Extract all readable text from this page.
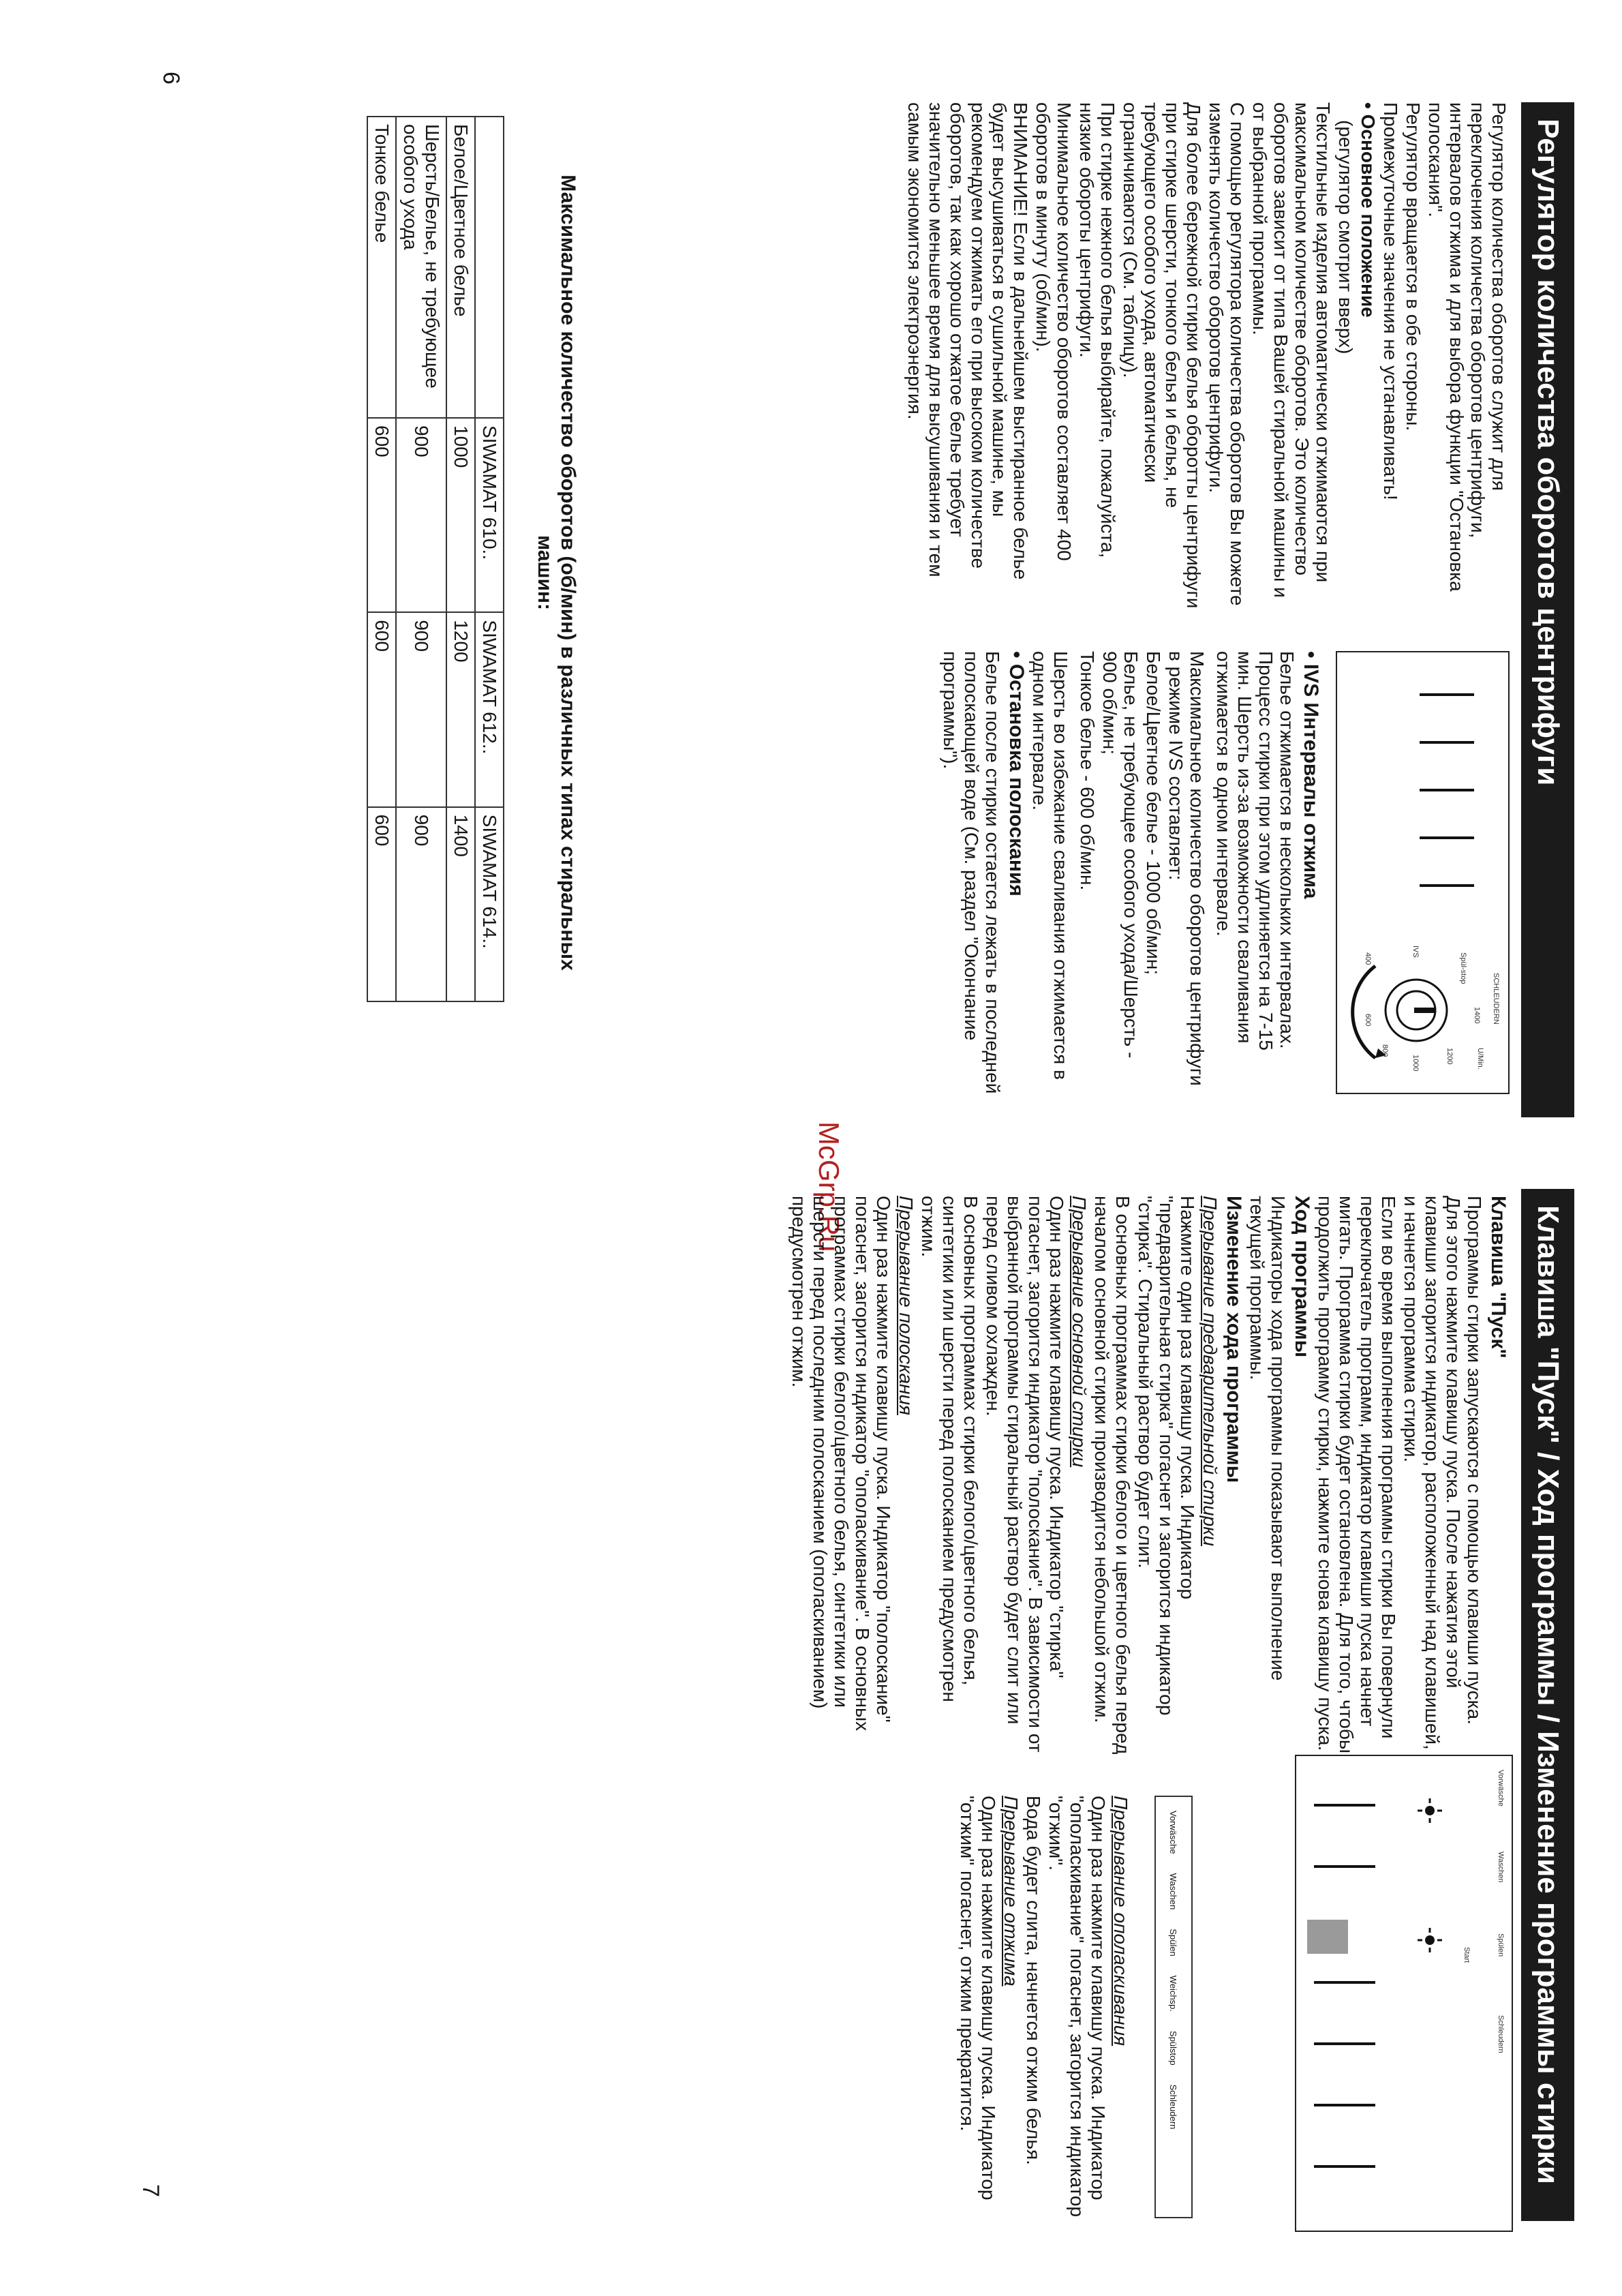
Регулятор количества оборотов центрифуги

Регулятор количества оборотов служит для переключения количества оборотов центрифуги, интервалов отжима и для выбора функции "Остановка полоскания".

Регулятор вращается в обе стороны.

Промежуточные значения не устанавливать!

• Основное положение

(регулятор смотрит вверх)

Текстильные изделия автоматически отжимаются при максимальном количестве оборотов. Это количество оборотов зависит от типа Вашей стиральной машины и от выбранной программы.

С помощью регулятора количества оборотов Вы можете изменять количество оборотов центрифуги.

Для более бережной стирки белья оборотты центрифуги при стирке шерсти, тонкого белья и белья, не требующего особого ухода, автоматически ограничиваются (См. таблицу).

При стирке нежного белья выбирайте, пожалуйста, низкие обороты центрифуги.

Минимальное количество оборотов составляет 400 оборотов в минуту (об/мин).

ВНИМАНИЕ! Если в дальнейшем выстиранное белье будет высушиваться в сушильной машине, мы рекомендуем отжимать его при высоком количестве оборотов, так как хорошо отжатое белье требует значительно меньшее время для высушивания и тем самым экономится электроэнергия.

SCHLEUDERN
U/Min.
1400
1200
1000
800
600
400
IVS
Spül-stop

• IVS Интервалы отжима

Белье отжимается в нескольких интервалах. Процесс стирки при этом удлиняется на 7-15 мин. Шерсть из-за возможности сваливания отжимается в одном интервале.

Максимальное количество оборотов центрифуги в режиме IVS составляет:

Белое/Цветное белье - 1000 об/мин;

Белье, не требующее особого ухода/Шерсть - 900 об/мин;

Тонкое белье - 600 об/мин.

Шерсть во избежание сваливания отжимается в одном интервале.

• Остановка полоскания

Белье после стирки остается лежать в последней полоскающей воде (См. раздел "Окончание программы").

Максимальное количество оборотов (об/мин) в различных типах стиральных машин:
	SIWAMAT 610..	SIWAMAT 612..	SIWAMAT 614..
Белое/Цветное белье	1000	1200	1400
Шерсть/Белье, не требующее особого ухода	900	900	900
Тонкое белье	600	600	600
6
McGrp.Ru
Клавиша "Пуск" / Ход программы / Изменение программы стирки

Клавиша "Пуск"

Программы стирки запускаются с помощью клавиши пуска. Для этого нажмите клавишу пуска. После нажатия этой клавиши загорится индикатор, расположенный над клавишей, и начнется программа стирки.

Если во время выполнения программы стирки Вы повернули переключатель программ, индикатор клавиши пуска начнет мигать. Программа стирки будет остановлена. Для того, чтобы продолжить программу стирки, нажмите снова клавишу пуска.

Ход программы

Индикаторы хода программы показывают выполнение текущей программы.

Изменение хода программы

Прерывание предварительной стирки

Нажмите один раз клавишу пуска. Индикатор "предварительная стирка" погаснет и загорится индикатор "стирка". Стиральный раствор будет слит.

В основных программах стирки белого и цветного белья перед началом основной стирки производится небольшой отжим.

Прерывание основной стирки

Один раз нажмите клавишу пуска. Индикатор "стирка" погаснет, загорится индикатор "полоскание". В зависимости от выбранной программы стиральный раствор будет слит или перед сливом охлажден.

В основных программах стирки белого/цветного белья, синтетики или шерсти перед полосканием предусмотрен отжим.

Прерывание полоскания

Один раз нажмите клавишу пуска. Индикатор "полоскание" погаснет, загорится индикатор "ополаскивание". В основных программах стирки белого/цветного белья, синтетики или шерсти перед последним полосканием (ополаскиванием) предусмотрен отжим.

Vorwäsche
Waschen
Spülen
Schleudern
Start
Vorwäsche
Waschen
Spülen
Weichsp.
Spülstop
Schleudern

Прерывание ополаскивания

Один раз нажмите клавишу пуска. Индикатор "ополаскивание" погаснет, загорится индикатор "отжим".

Вода будет слита, начнется отжим белья.

Прерывание отжима

Один раз нажмите клавишу пуска. Индикатор "отжим" погаснет, отжим прекратится.

7
